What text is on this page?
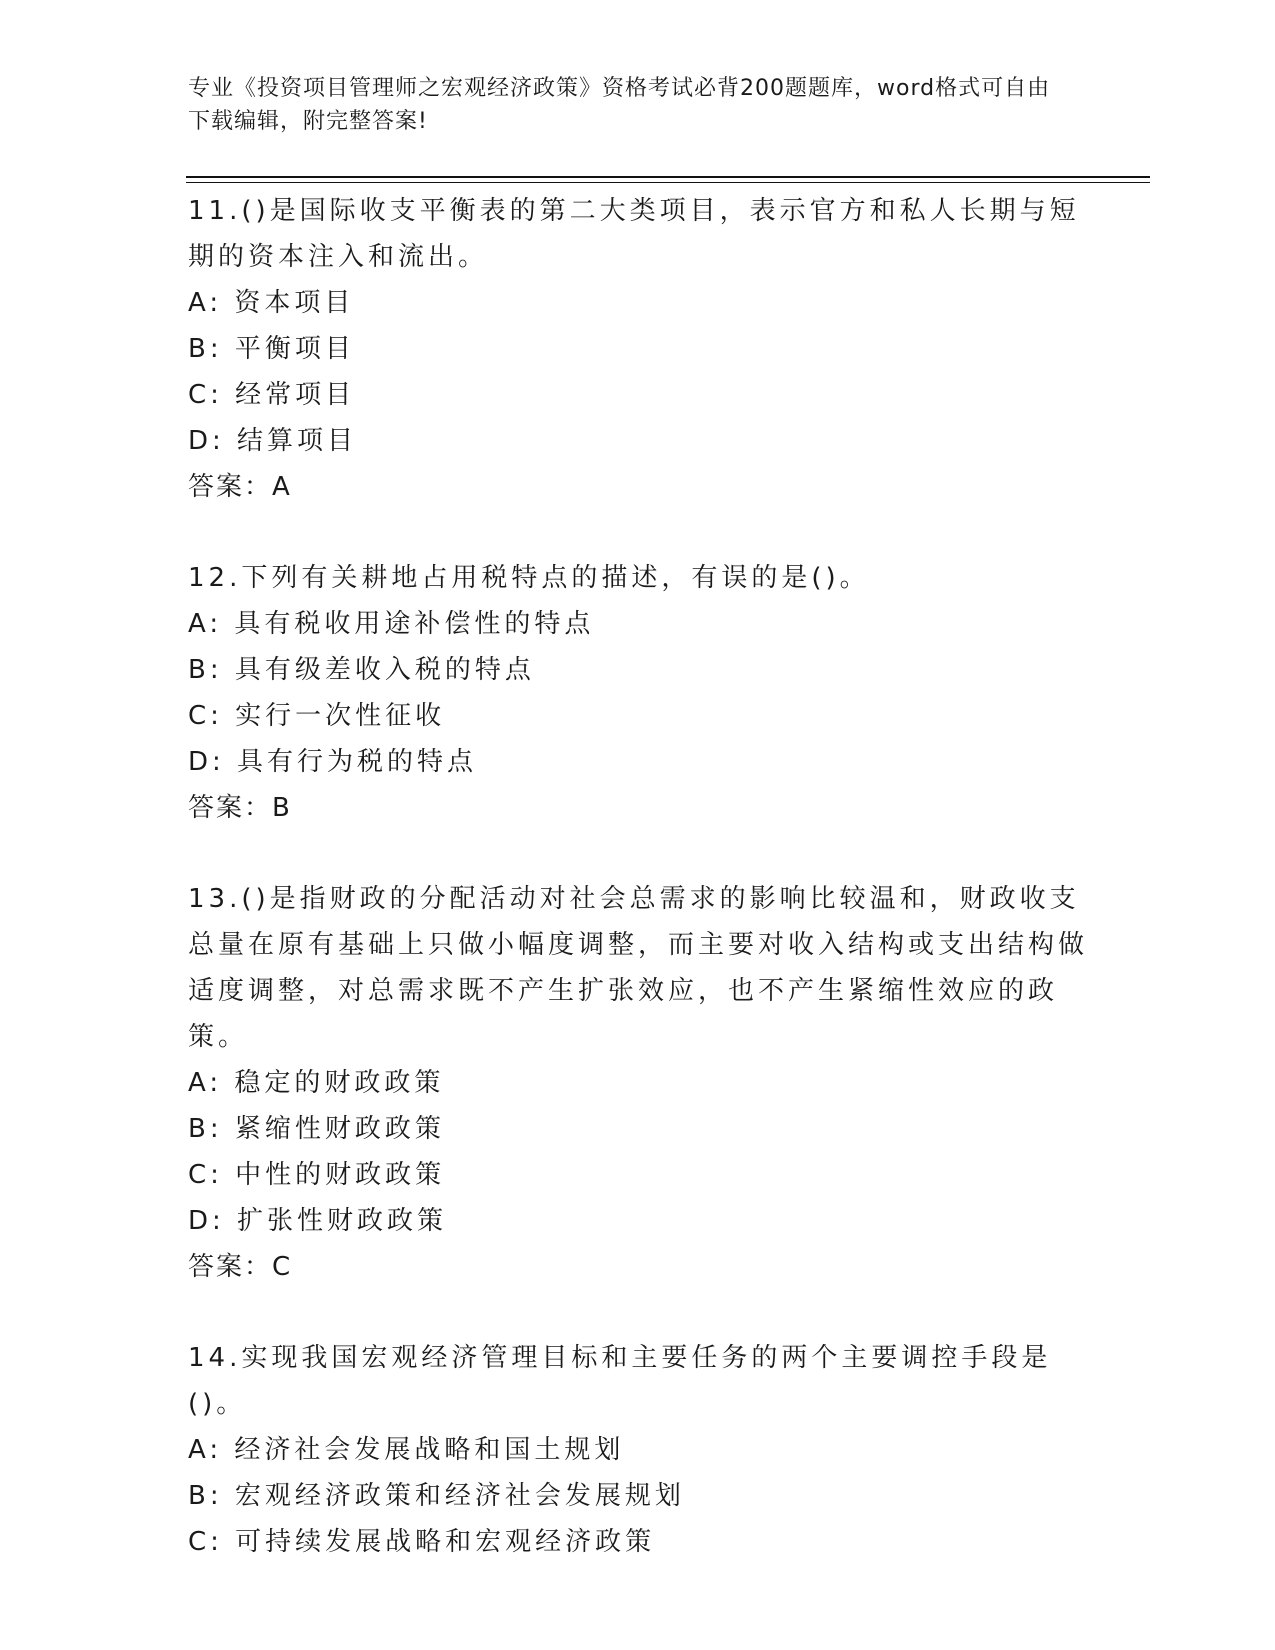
专业《投资项目管理师之宏观经济政策》资格考试必背200题题库，word格式可自由下载编辑，附完整答案!

11.()是国际收支平衡表的第二大类项目，表示官方和私人长期与短期的资本注入和流出。

A: 资本项目

B: 平衡项目

C: 经常项目

D: 结算项目

答案：A

12.下列有关耕地占用税特点的描述，有误的是()。

A: 具有税收用途补偿性的特点

B: 具有级差收入税的特点

C: 实行一次性征收

D: 具有行为税的特点

答案：B

13.()是指财政的分配活动对社会总需求的影响比较温和，财政收支总量在原有基础上只做小幅度调整，而主要对收入结构或支出结构做适度调整，对总需求既不产生扩张效应，也不产生紧缩性效应的政策。

A: 稳定的财政政策

B: 紧缩性财政政策

C: 中性的财政政策

D: 扩张性财政政策

答案：C

14.实现我国宏观经济管理目标和主要任务的两个主要调控手段是()。

A: 经济社会发展战略和国土规划

B: 宏观经济政策和经济社会发展规划

C: 可持续发展战略和宏观经济政策
